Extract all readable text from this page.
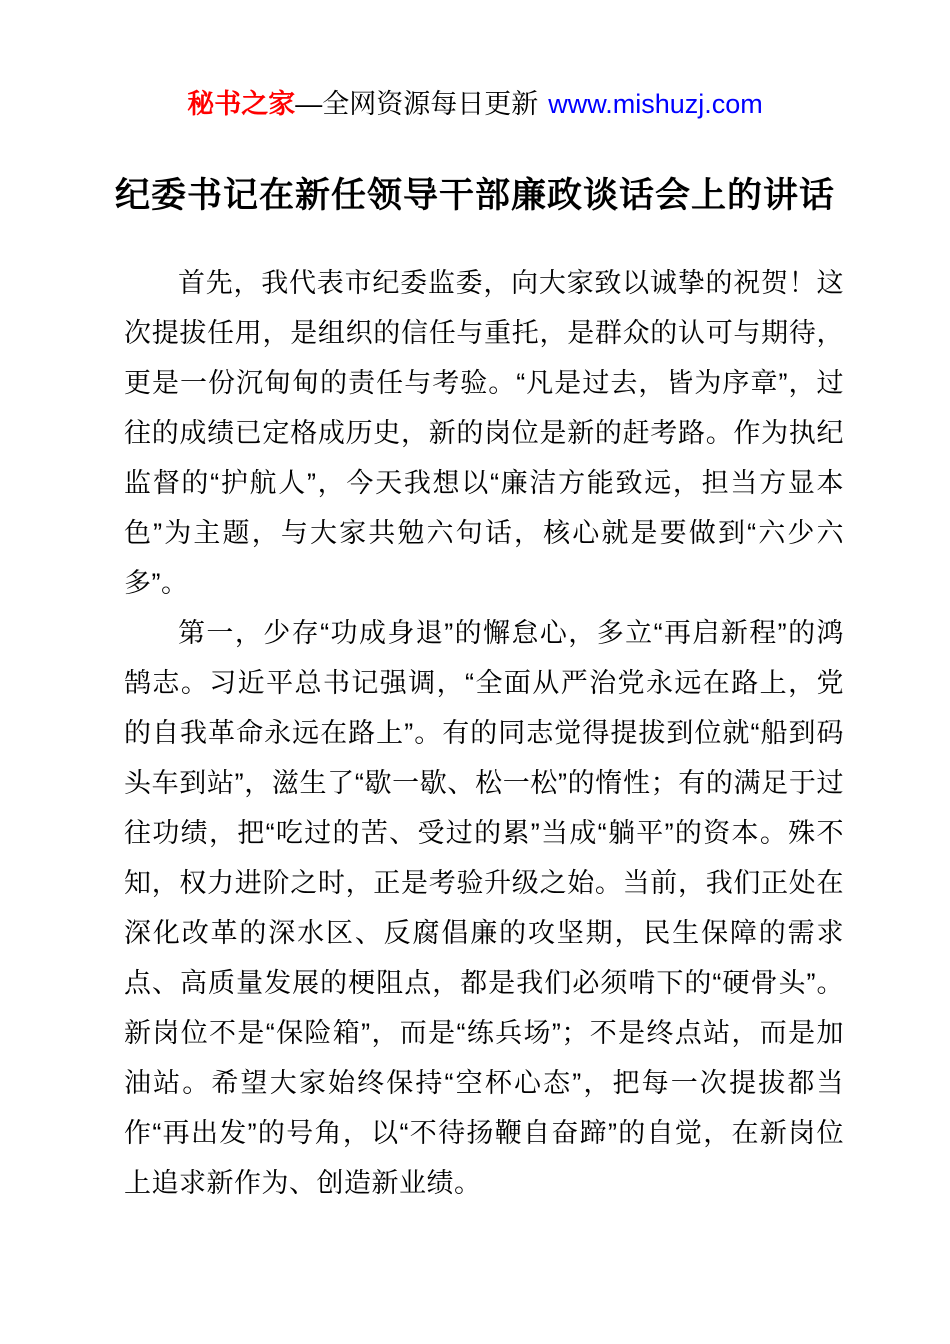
秘书之家—全网资源每日更新 www.mishuzj.com
纪委书记在新任领导干部廉政谈话会上的讲话

首先，我代表市纪委监委，向大家致以诚挚的祝贺！这次提拔任用，是组织的信任与重托，是群众的认可与期待，更是一份沉甸甸的责任与考验。“凡是过去，皆为序章”，过往的成绩已定格成历史，新的岗位是新的赶考路。作为执纪监督的“护航人”，今天我想以“廉洁方能致远，担当方显本色”为主题，与大家共勉六句话，核心就是要做到“六少六多”。

第一，少存“功成身退”的懈怠心，多立“再启新程”的鸿鹄志。习近平总书记强调，“全面从严治党永远在路上，党的自我革命永远在路上”。有的同志觉得提拔到位就“船到码头车到站”，滋生了“歇一歇、松一松”的惰性；有的满足于过往功绩，把“吃过的苦、受过的累”当成“躺平”的资本。殊不知，权力进阶之时，正是考验升级之始。当前，我们正处在深化改革的深水区、反腐倡廉的攻坚期，民生保障的需求点、高质量发展的梗阻点，都是我们必须啃下的“硬骨头”。新岗位不是“保险箱”，而是“练兵场”；不是终点站，而是加油站。希望大家始终保持“空杯心态”，把每一次提拔都当作“再出发”的号角，以“不待扬鞭自奋蹄”的自觉，在新岗位上追求新作为、创造新业绩。
